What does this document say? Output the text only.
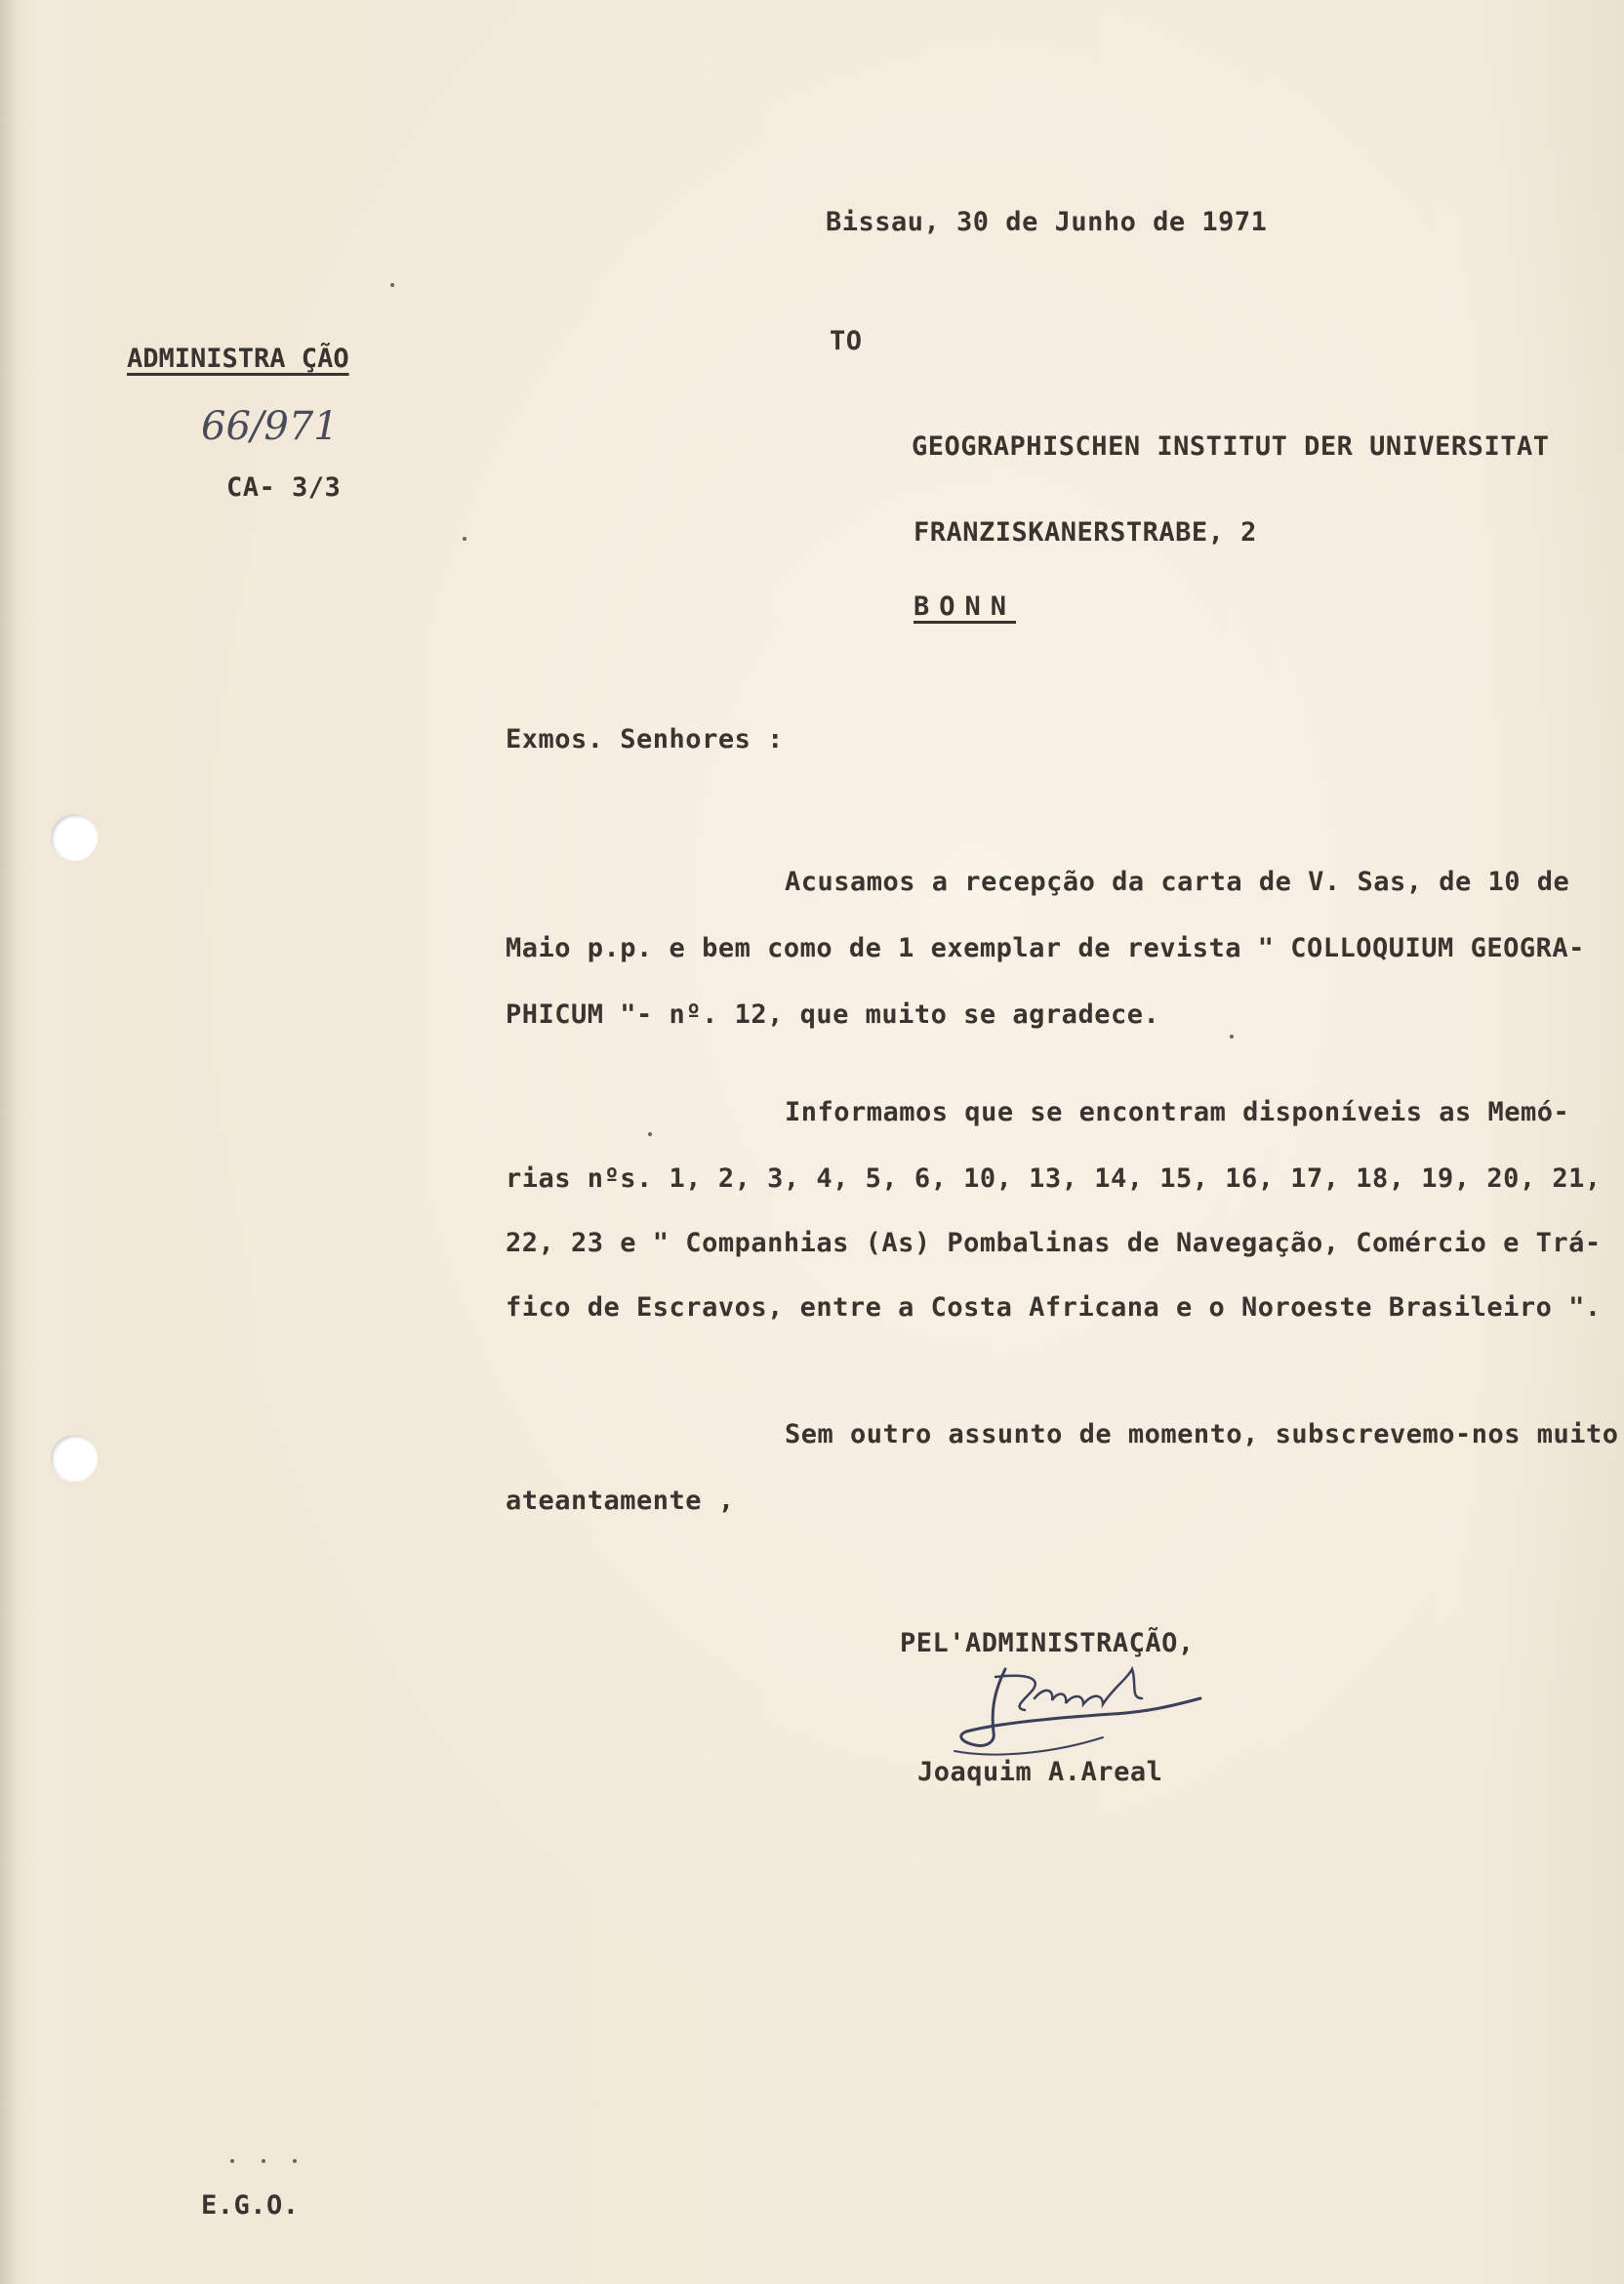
Bissau, 30 de Junho de 1971

TO

ADMINISTRA ÇÃO

66/971

CA- 3/3

GEOGRAPHISCHEN INSTITUT DER UNIVERSITAT

FRANZISKANERSTRABE, 2

BONN

Exmos. Senhores :

Acusamos a recepção da carta de V. Sas, de 10 de

Maio p.p. e bem como de 1 exemplar de revista " COLLOQUIUM GEOGRA-

PHICUM "- nº. 12, que muito se agradece.

Informamos que se encontram disponíveis as Memó-

rias nºs. 1, 2, 3, 4, 5, 6, 10, 13, 14, 15, 16, 17, 18, 19, 20, 21,

22, 23 e " Companhias (As) Pombalinas de Navegação, Comércio e Trá-

fico de Escravos, entre a Costa Africana e o Noroeste Brasileiro ".

Sem outro assunto de momento, subscrevemo-nos muito

ateantamente ,

PEL'ADMINISTRAÇÃO,

Joaquim A.Areal

E.G.O.
